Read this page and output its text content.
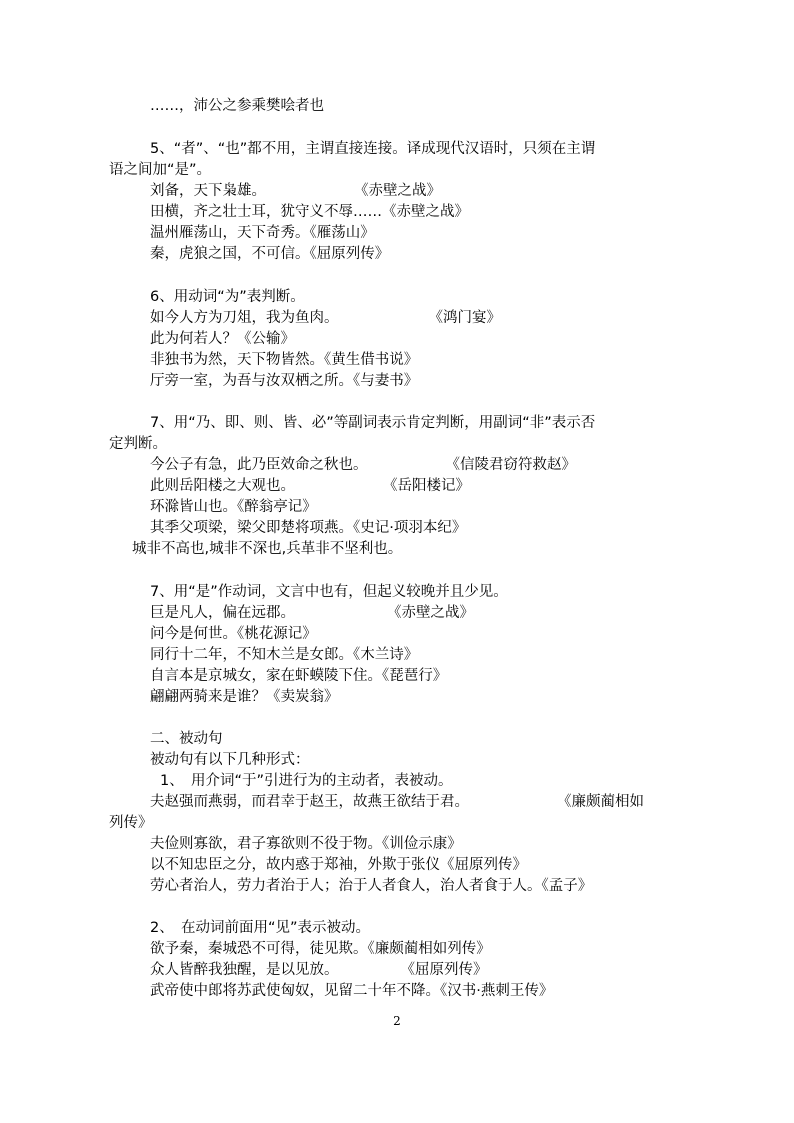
……，沛公之参乘樊哙者也
5、“者”、“也”都不用，主谓直接连接。译成现代汉语时，只须在主谓
语之间加“是”。
刘备，天下枭雄。	《赤壁之战》
田横，齐之壮士耳，犹守义不辱……《赤壁之战》
温州雁荡山，天下奇秀。《雁荡山》
秦，虎狼之国，不可信。《屈原列传》
6、用动词“为”表判断。
如今人方为刀俎，我为鱼肉。	《鸿门宴》
此为何若人？《公输》
非独书为然，天下物皆然。《黄生借书说》
厅旁一室，为吾与汝双栖之所。《与妻书》
7、用“乃、即、则、皆、必”等副词表示肯定判断，用副词“非”表示否
定判断。
今公子有急，此乃臣效命之秋也。	《信陵君窃符救赵》
此则岳阳楼之大观也。	《岳阳楼记》
环滁皆山也。《醉翁亭记》
其季父项梁，梁父即楚将项燕。《史记·项羽本纪》
城非不高也,城非不深也,兵革非不坚利也。
7、用“是”作动词，文言中也有，但起义较晚并且少见。
巨是凡人，偏在远郡。	《赤壁之战》
问今是何世。《桃花源记》
同行十二年，不知木兰是女郎。《木兰诗》
自言本是京城女，家在虾蟆陵下住。《琵琶行》
翩翩两骑来是谁？《卖炭翁》
二、被动句
被动句有以下几种形式：
1、　用介词“于”引进行为的主动者，表被动。
夫赵强而燕弱，而君幸于赵王，故燕王欲结于君。	《廉颇蔺相如
列传》
夫俭则寡欲，君子寡欲则不役于物。《训俭示康》
以不知忠臣之分，故内惑于郑袖，外欺于张仪《屈原列传》
劳心者治人，劳力者治于人；治于人者食人，治人者食于人。《孟子》
2、　在动词前面用“见”表示被动。
欲予秦，秦城恐不可得，徒见欺。《廉颇蔺相如列传》
众人皆醉我独醒，是以见放。	《屈原列传》
武帝使中郎将苏武使匈奴，见留二十年不降。《汉书·燕刺王传》
2
